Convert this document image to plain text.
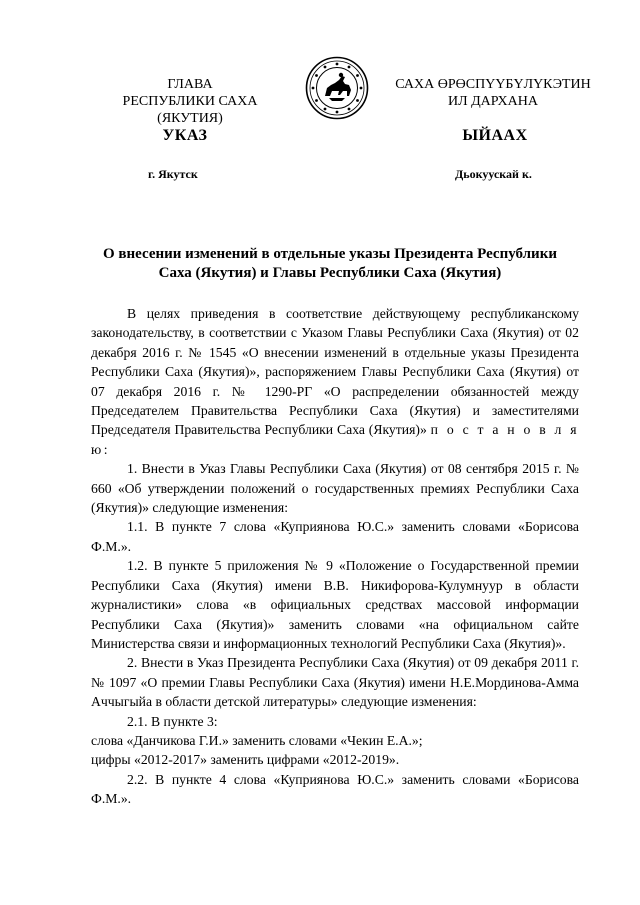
ГЛАВА
РЕСПУБЛИКИ САХА (ЯКУТИЯ)
САХА ӨРӨСПҮҮБҮЛҮКЭТИН
ИЛ ДАРХАНА
УКАЗ	ЫЙААХ
г. Якутск	Дьокуускай к.
О внесении изменений в отдельные указы Президента Республики
Саха (Якутия) и Главы Республики Саха (Якутия)

В целях приведения в соответствие действующему республиканскому законодательству, в соответствии с Указом Главы Республики Саха (Якутия) от 02 декабря 2016 г. № 1545 «О внесении изменений в отдельные указы Президента Республики Саха (Якутия)», распоряжением Главы Республики Саха (Якутия) от 07 декабря 2016 г. № 1290-РГ «О распределении обязанностей между Председателем Правительства Республики Саха (Якутия) и заместителями Председателя Правительства Республики Саха (Якутия)» п о с т а н о в л я ю:

1. Внести в Указ Главы Республики Саха (Якутия) от 08 сентября 2015 г. № 660 «Об утверждении положений о государственных премиях Республики Саха (Якутия)» следующие изменения:

1.1. В пункте 7 слова «Куприянова Ю.С.» заменить словами «Борисова Ф.М.».

1.2. В пункте 5 приложения № 9 «Положение о Государственной премии Республики Саха (Якутия) имени В.В. Никифорова-Кулумнуур в области журналистики» слова «в официальных средствах массовой информации Республики Саха (Якутия)» заменить словами «на официальном сайте Министерства связи и информационных технологий Республики Саха (Якутия)».

2. Внести в Указ Президента Республики Саха (Якутия) от 09 декабря 2011 г. № 1097 «О премии Главы Республики Саха (Якутия) имени Н.Е.Мординова-Амма Аччыгыйа в области детской литературы» следующие изменения:

2.1. В пункте 3:

слова «Данчикова Г.И.» заменить словами «Чекин Е.А.»;

цифры «2012-2017» заменить цифрами «2012-2019».

2.2. В пункте 4 слова «Куприянова Ю.С.» заменить словами «Борисова Ф.М.».
